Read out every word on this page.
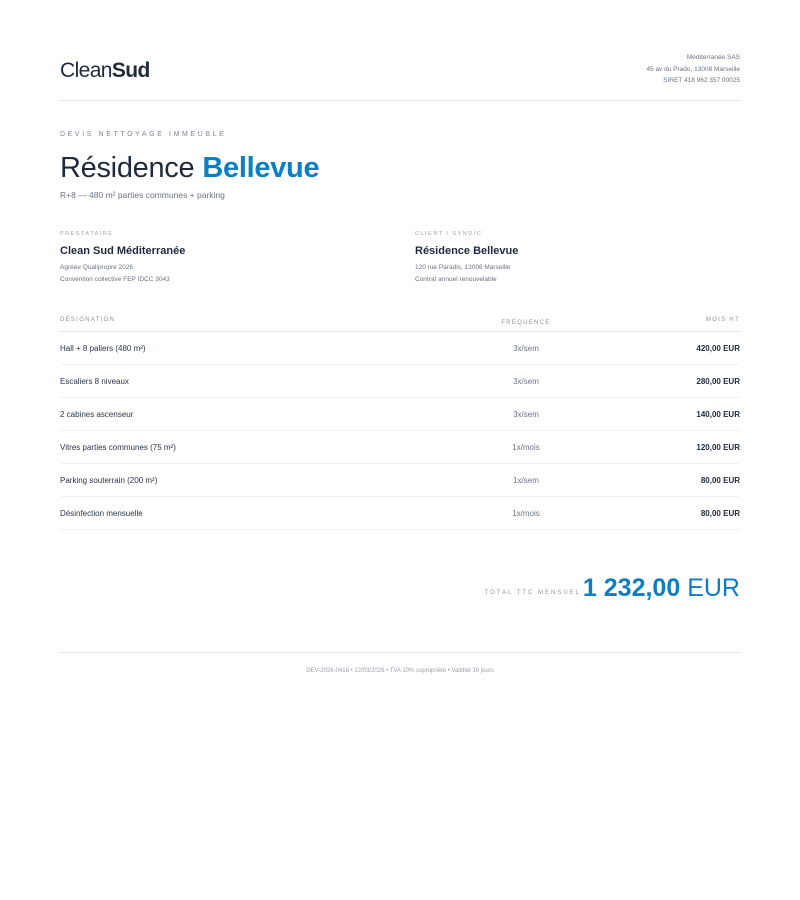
CleanSud
Méditerranée SAS
45 av du Prado, 13008 Marseille
SIRET 418 962 357 00025
DEVIS NETTOYAGE IMMEUBLE
Résidence Bellevue
R+8 — 480 m² parties communes + parking
PRESTATAIRE
Clean Sud Méditerranée
Agréée Qualipropre 2026
Convention collective FEP IDCC 3043
CLIENT / SYNDIC
Résidence Bellevue
120 rue Paradis, 13006 Marseille
Contrat annuel renouvelable
DÉSIGNATION	FRÉQUENCE	MOIS HT
Hall + 8 paliers (480 m²)	3x/sem	420,00 EUR
Escaliers 8 niveaux	3x/sem	280,00 EUR
2 cabines ascenseur	3x/sem	140,00 EUR
Vitres parties communes (75 m²)	1x/mois	120,00 EUR
Parking souterrain (200 m²)	1x/sem	80,00 EUR
Désinfection mensuelle	1x/mois	80,00 EUR
TOTAL TTC MENSUEL 1 232,00 EUR
DEV-2026-0418 • 12/03/2026 • TVA 10% copropriété • Validité 30 jours
